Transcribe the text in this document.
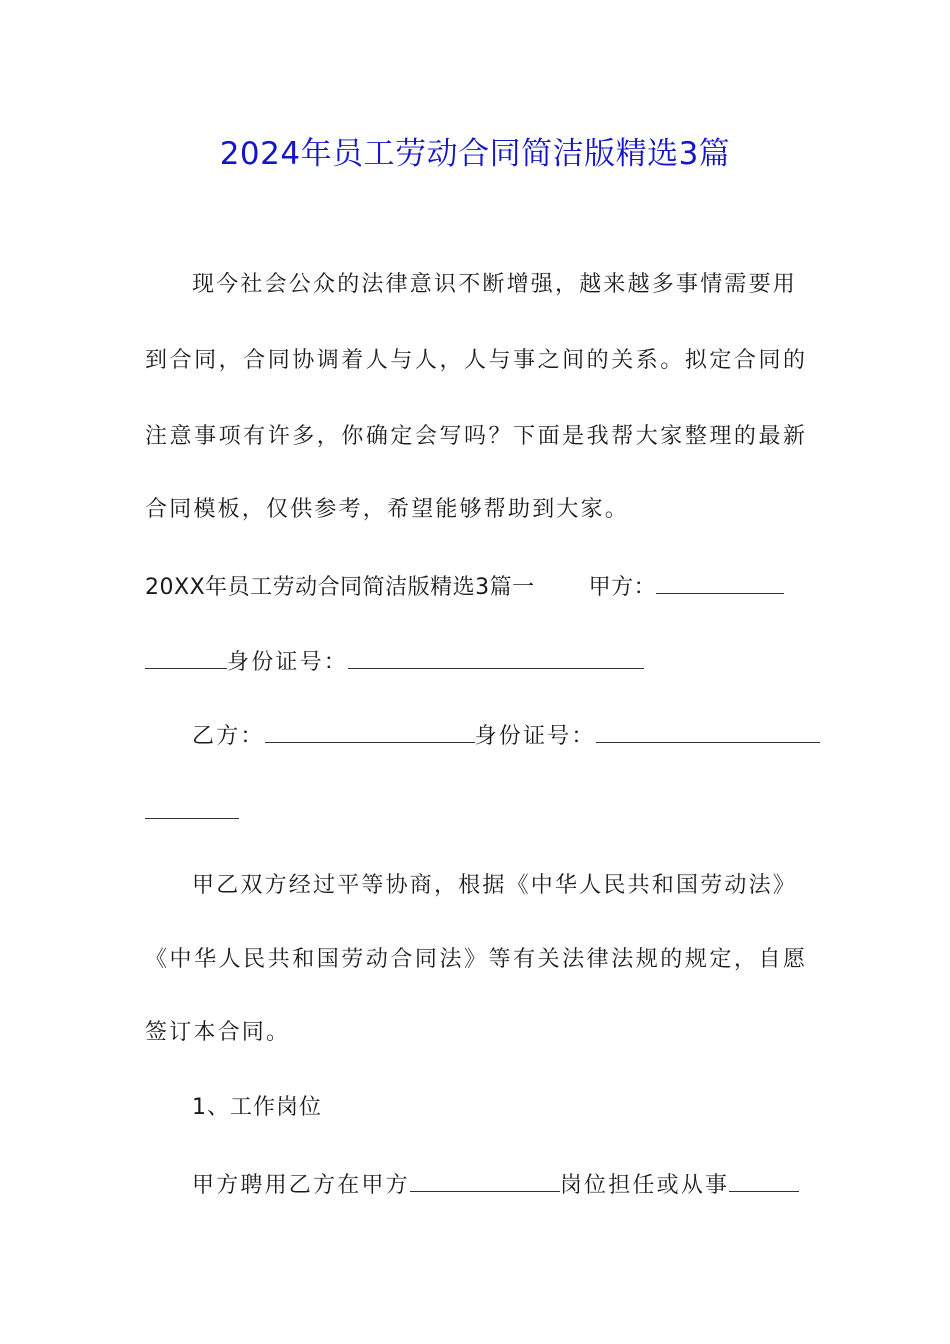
2024年员工劳动合同简洁版精选3篇
现今社会公众的法律意识不断增强，越来越多事情需要用
到合同，合同协调着人与人，人与事之间的关系。拟定合同的
注意事项有许多，你确定会写吗？下面是我帮大家整理的最新
合同模板，仅供参考，希望能够帮助到大家。
20XX年员工劳动合同简洁版精选3篇一 甲方：
身份证号：
乙方：	身份证号：
甲乙双方经过平等协商，根据《中华人民共和国劳动法》
《中华人民共和国劳动合同法》等有关法律法规的规定，自愿
签订本合同。
1、工作岗位
甲方聘用乙方在甲方	岗位担任或从事
